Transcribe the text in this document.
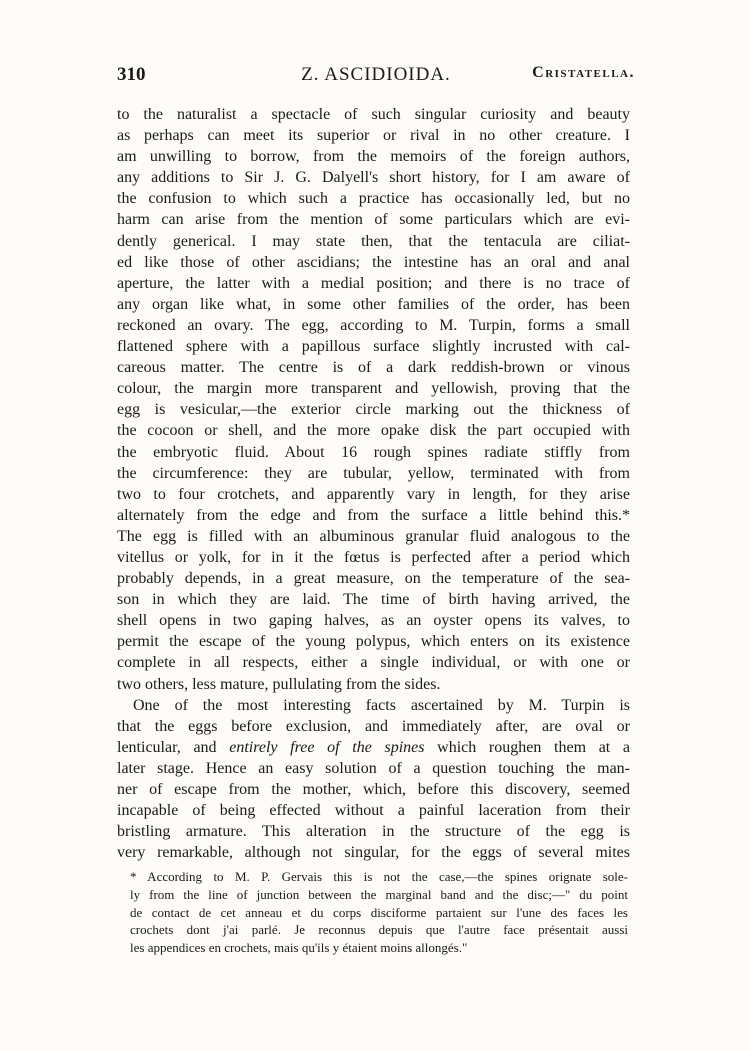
310	Z. ASCIDIOIDA.	Cristatella.
to the naturalist a spectacle of such singular curiosity and beauty
as perhaps can meet its superior or rival in no other creature. I
am unwilling to borrow, from the memoirs of the foreign authors,
any additions to Sir J. G. Dalyell's short history, for I am aware of
the confusion to which such a practice has occasionally led, but no
harm can arise from the mention of some particulars which are evi-
dently generical. I may state then, that the tentacula are ciliat-
ed like those of other ascidians; the intestine has an oral and anal
aperture, the latter with a medial position; and there is no trace of
any organ like what, in some other families of the order, has been
reckoned an ovary. The egg, according to M. Turpin, forms a small
flattened sphere with a papillous surface slightly incrusted with cal-
careous matter. The centre is of a dark reddish-brown or vinous
colour, the margin more transparent and yellowish, proving that the
egg is vesicular,—the exterior circle marking out the thickness of
the cocoon or shell, and the more opake disk the part occupied with
the embryotic fluid. About 16 rough spines radiate stiffly from
the circumference: they are tubular, yellow, terminated with from
two to four crotchets, and apparently vary in length, for they arise
alternately from the edge and from the surface a little behind this.*
The egg is filled with an albuminous granular fluid analogous to the
vitellus or yolk, for in it the fœtus is perfected after a period which
probably depends, in a great measure, on the temperature of the sea-
son in which they are laid. The time of birth having arrived, the
shell opens in two gaping halves, as an oyster opens its valves, to
permit the escape of the young polypus, which enters on its existence
complete in all respects, either a single individual, or with one or
two others, less mature, pullulating from the sides.
One of the most interesting facts ascertained by M. Turpin is
that the eggs before exclusion, and immediately after, are oval or
lenticular, and entirely free of the spines which roughen them at a
later stage. Hence an easy solution of a question touching the man-
ner of escape from the mother, which, before this discovery, seemed
incapable of being effected without a painful laceration from their
bristling armature. This alteration in the structure of the egg is
very remarkable, although not singular, for the eggs of several mites
* According to M. P. Gervais this is not the case,—the spines orignate sole-
ly from the line of junction between the marginal band and the disc;—" du point
de contact de cet anneau et du corps disciforme partaient sur l'une des faces les
crochets dont j'ai parlé. Je reconnus depuis que l'autre face présentait aussi
les appendices en crochets, mais qu'ils y étaient moins allongés."
